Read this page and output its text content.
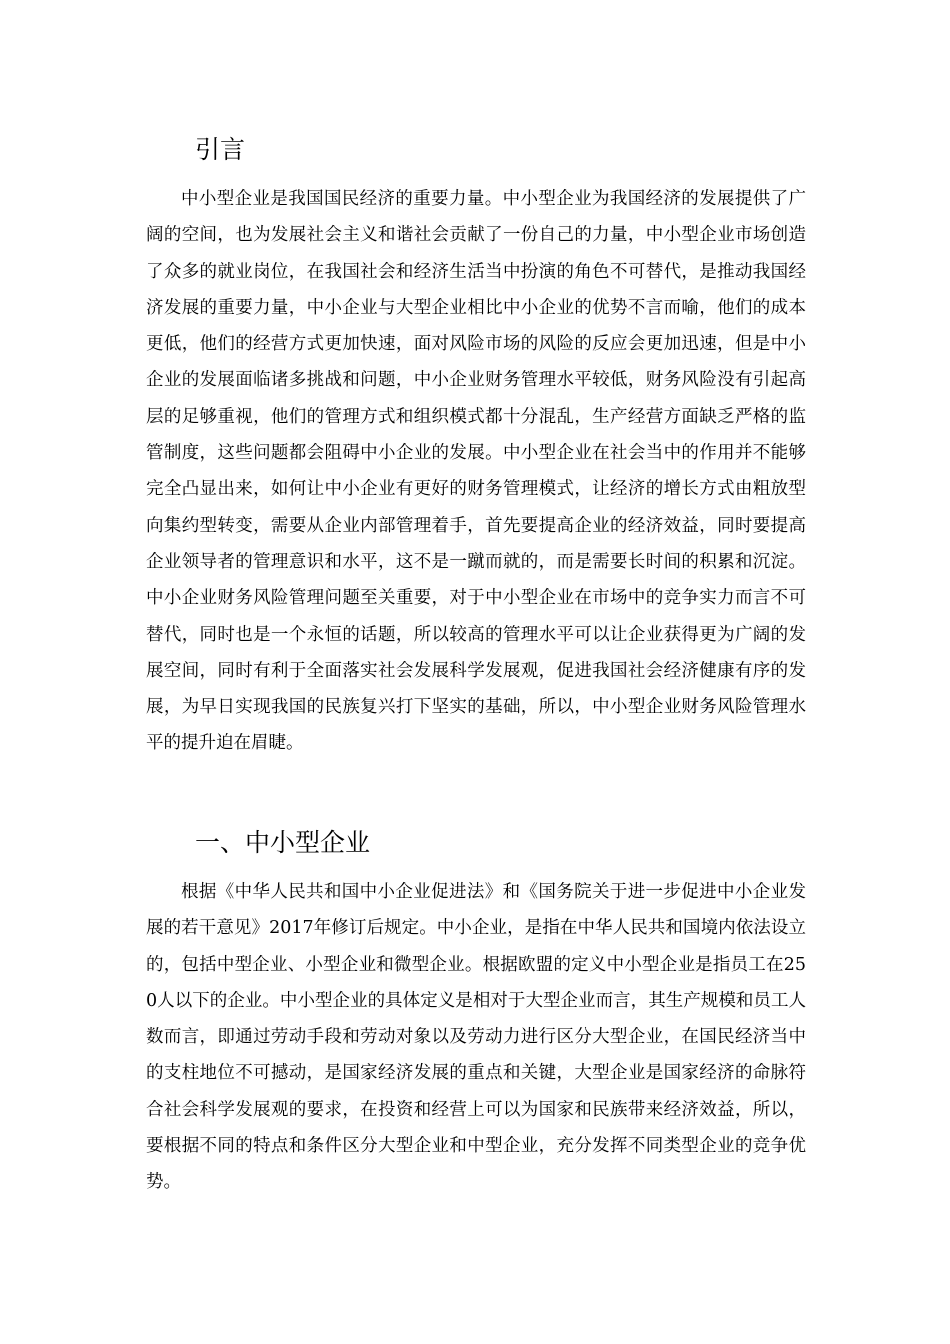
引言

中小型企业是我国国民经济的重要力量。中小型企业为我国经济的发展提供了广阔的空间，也为发展社会主义和谐社会贡献了一份自己的力量，中小型企业市场创造了众多的就业岗位，在我国社会和经济生活当中扮演的角色不可替代，是推动我国经济发展的重要力量，中小企业与大型企业相比中小企业的优势不言而喻，他们的成本更低，他们的经营方式更加快速，面对风险市场的风险的反应会更加迅速，但是中小企业的发展面临诸多挑战和问题，中小企业财务管理水平较低，财务风险没有引起高层的足够重视，他们的管理方式和组织模式都十分混乱，生产经营方面缺乏严格的监管制度，这些问题都会阻碍中小企业的发展。中小型企业在社会当中的作用并不能够完全凸显出来，如何让中小企业有更好的财务管理模式，让经济的增长方式由粗放型向集约型转变，需要从企业内部管理着手，首先要提高企业的经济效益，同时要提高企业领导者的管理意识和水平，这不是一蹴而就的，而是需要长时间的积累和沉淀。中小企业财务风险管理问题至关重要，对于中小型企业在市场中的竞争实力而言不可替代，同时也是一个永恒的话题，所以较高的管理水平可以让企业获得更为广阔的发展空间，同时有利于全面落实社会发展科学发展观，促进我国社会经济健康有序的发展，为早日实现我国的民族复兴打下坚实的基础，所以，中小型企业财务风险管理水平的提升迫在眉睫。

一、中小型企业

根据《中华人民共和国中小企业促进法》和《国务院关于进一步促进中小企业发展的若干意见》2017年修订后规定。中小企业，是指在中华人民共和国境内依法设立的，包括中型企业、小型企业和微型企业。根据欧盟的定义中小型企业是指员工在250人以下的企业。中小型企业的具体定义是相对于大型企业而言，其生产规模和员工人数而言，即通过劳动手段和劳动对象以及劳动力进行区分大型企业，在国民经济当中的支柱地位不可撼动，是国家经济发展的重点和关键，大型企业是国家经济的命脉符合社会科学发展观的要求，在投资和经营上可以为国家和民族带来经济效益，所以，要根据不同的特点和条件区分大型企业和中型企业，充分发挥不同类型企业的竞争优势。
